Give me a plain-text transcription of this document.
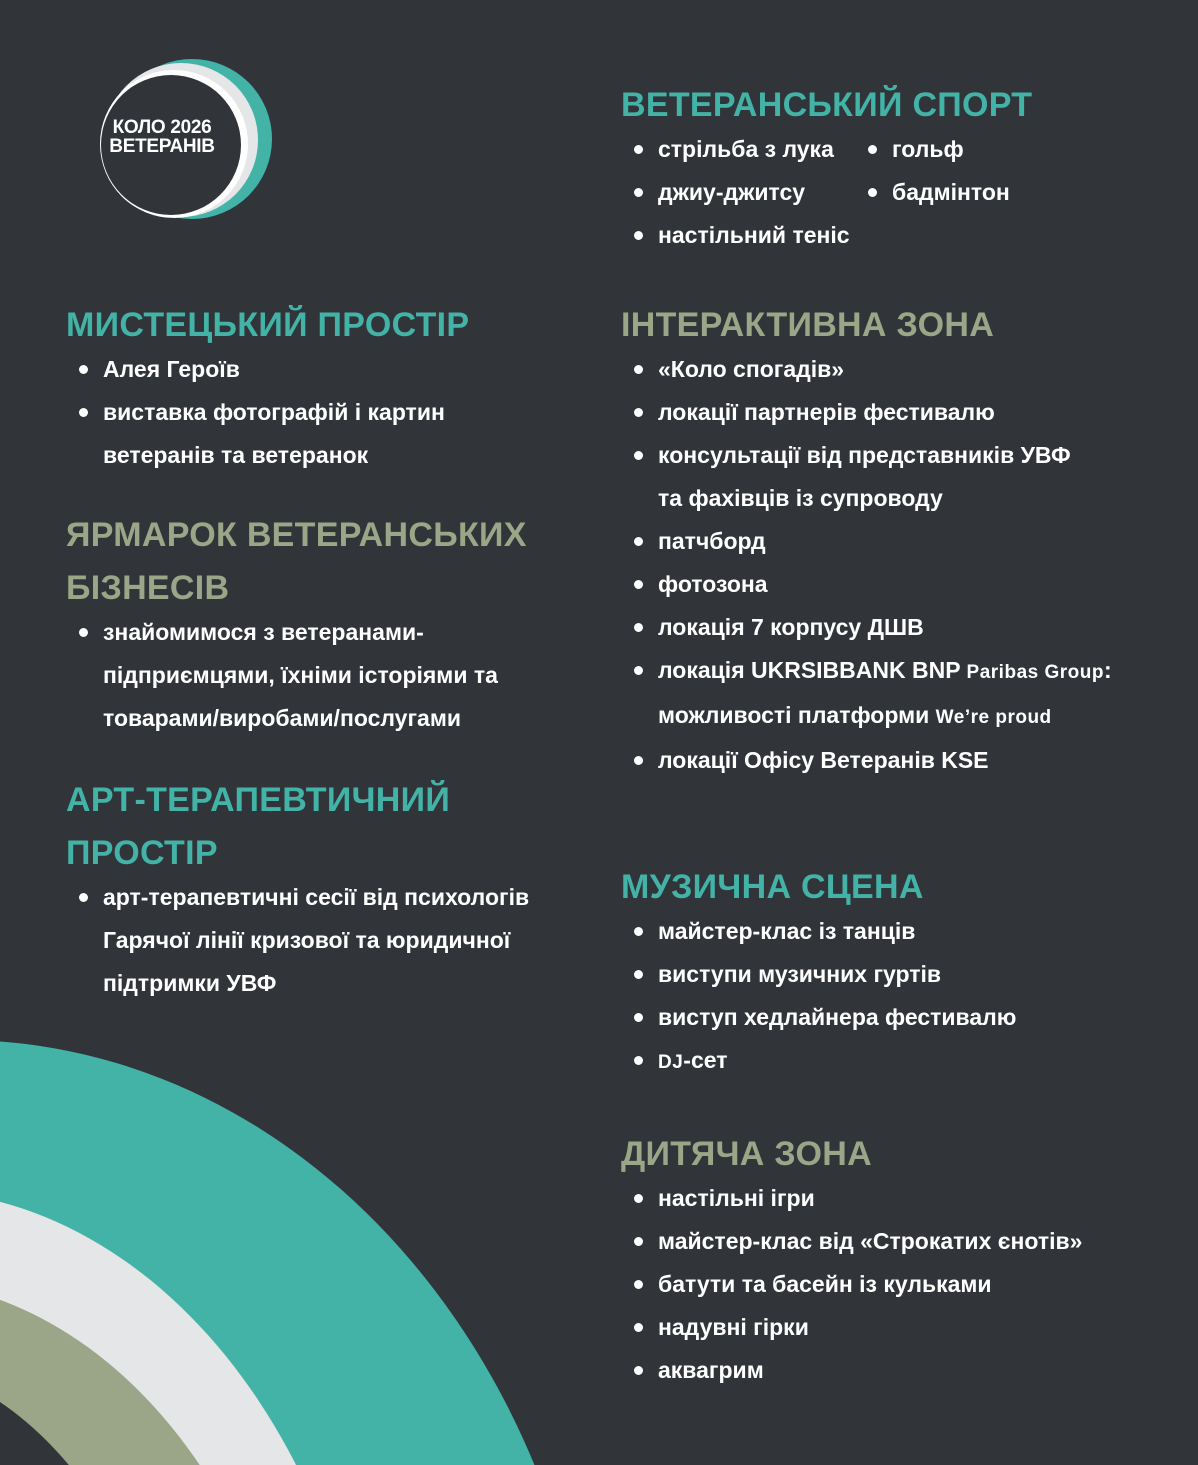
КОЛО 2026
ВЕТЕРАНІВ
ВЕТЕРАНСЬКИЙ СПОРТ
стрільба з лука	гольф
джиу-джитсу	бадмінтон
настільний теніс
МИСТЕЦЬКИЙ ПРОСТІР
Алея Героїв
виставка фотографій і картин
ветеранів та ветеранок
ІНТЕРАКТИВНА ЗОНА
«Коло спогадів»
локації партнерів фестивалю
консультації від представників УВФ
та фахівців із супроводу
патчборд
фотозона
локація 7 корпусу ДШВ
локація UKRSIBBANK BNP Paribas Group:
можливості платформи We’re proud
локації Офісу Ветеранів KSE
ЯРМАРОК ВЕТЕРАНСЬКИХ
БІЗНЕСІВ
знайомимося з ветеранами-
підприємцями, їхніми історіями та
товарами/виробами/послугами
АРТ-ТЕРАПЕВТИЧНИЙ
ПРОСТІР
арт-терапевтичні сесії від психологів
Гарячої лінії кризової та юридичної
підтримки УВФ
МУЗИЧНА СЦЕНА
майстер-клас із танців
виступи музичних гуртів
виступ хедлайнера фестивалю
DJ-сет
ДИТЯЧА ЗОНА
настільні ігри
майстер-клас від «Строкатих єнотів»
батути та басейн із кульками
надувні гірки
аквагрим
